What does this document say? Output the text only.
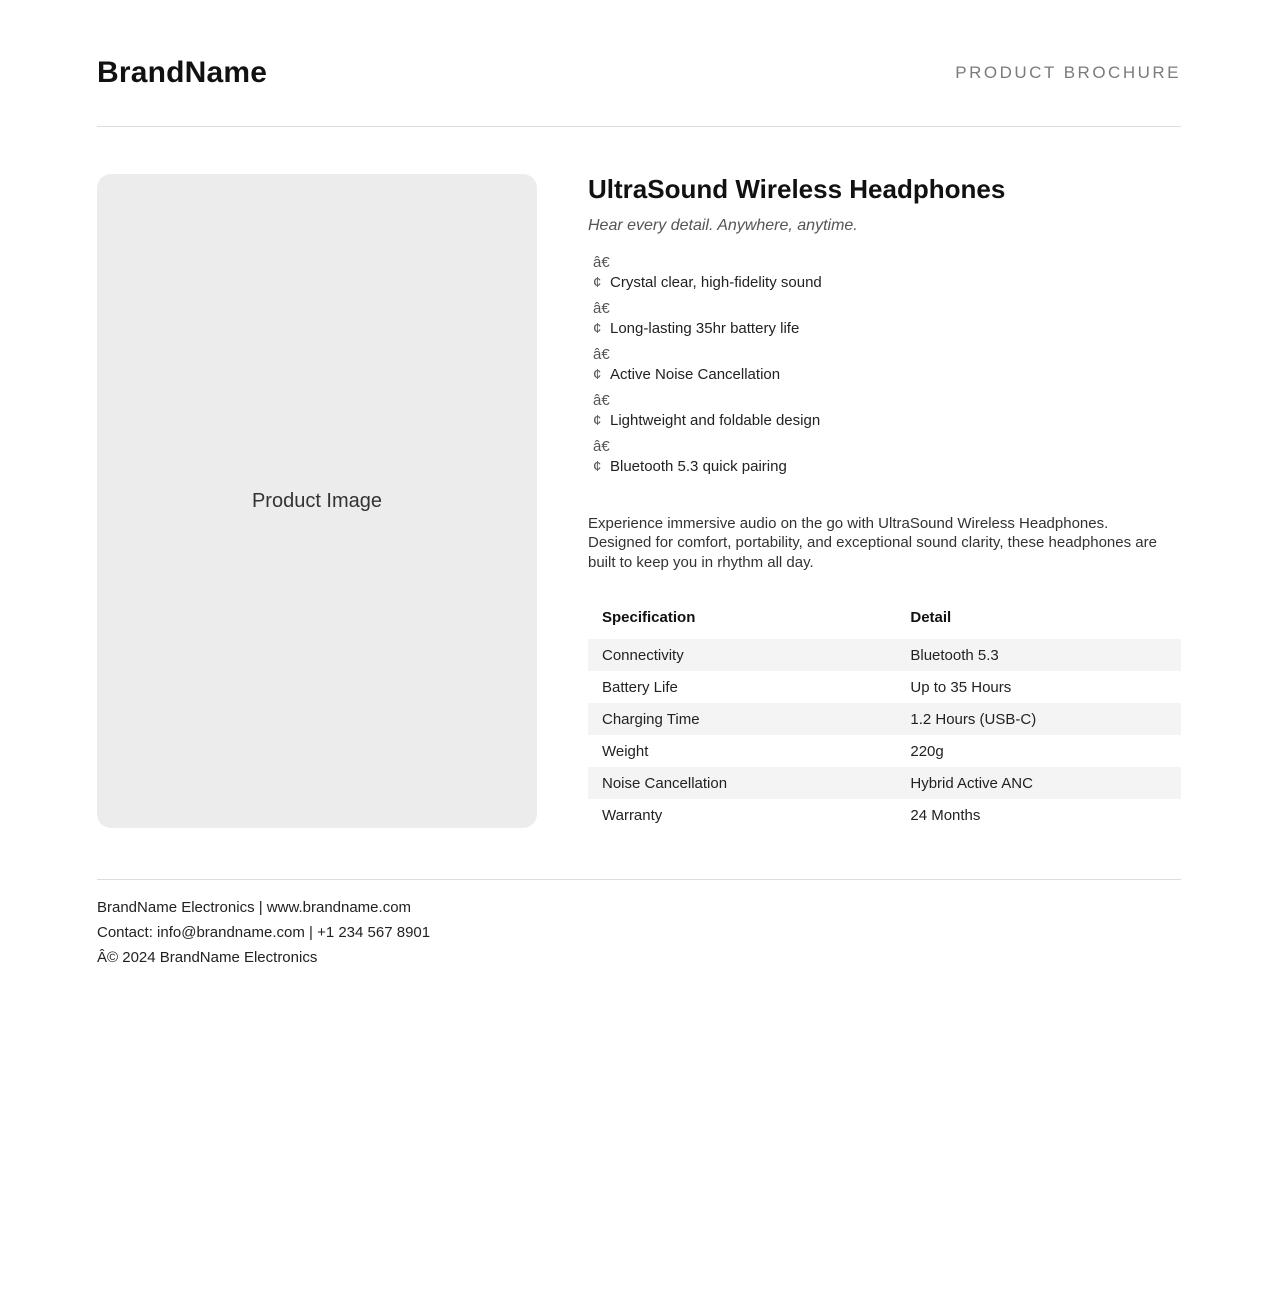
BrandName	PRODUCT BROCHURE
Product Image
UltraSound Wireless Headphones
Hear every detail. Anywhere, anytime.
â€
¢ Crystal clear, high-fidelity sound
â€
¢ Long-lasting 35hr battery life
â€
¢ Active Noise Cancellation
â€
¢ Lightweight and foldable design
â€
¢ Bluetooth 5.3 quick pairing

Experience immersive audio on the go with UltraSound Wireless Headphones. Designed for comfort, portability, and exceptional sound clarity, these headphones are built to keep you in rhythm all day.

Specification	Detail
Connectivity	Bluetooth 5.3
Battery Life	Up to 35 Hours
Charging Time	1.2 Hours (USB-C)
Weight	220g
Noise Cancellation	Hybrid Active ANC
Warranty	24 Months

BrandName Electronics | www.brandname.com

Contact: info@brandname.com | +1 234 567 8901

Â© 2024 BrandName Electronics
